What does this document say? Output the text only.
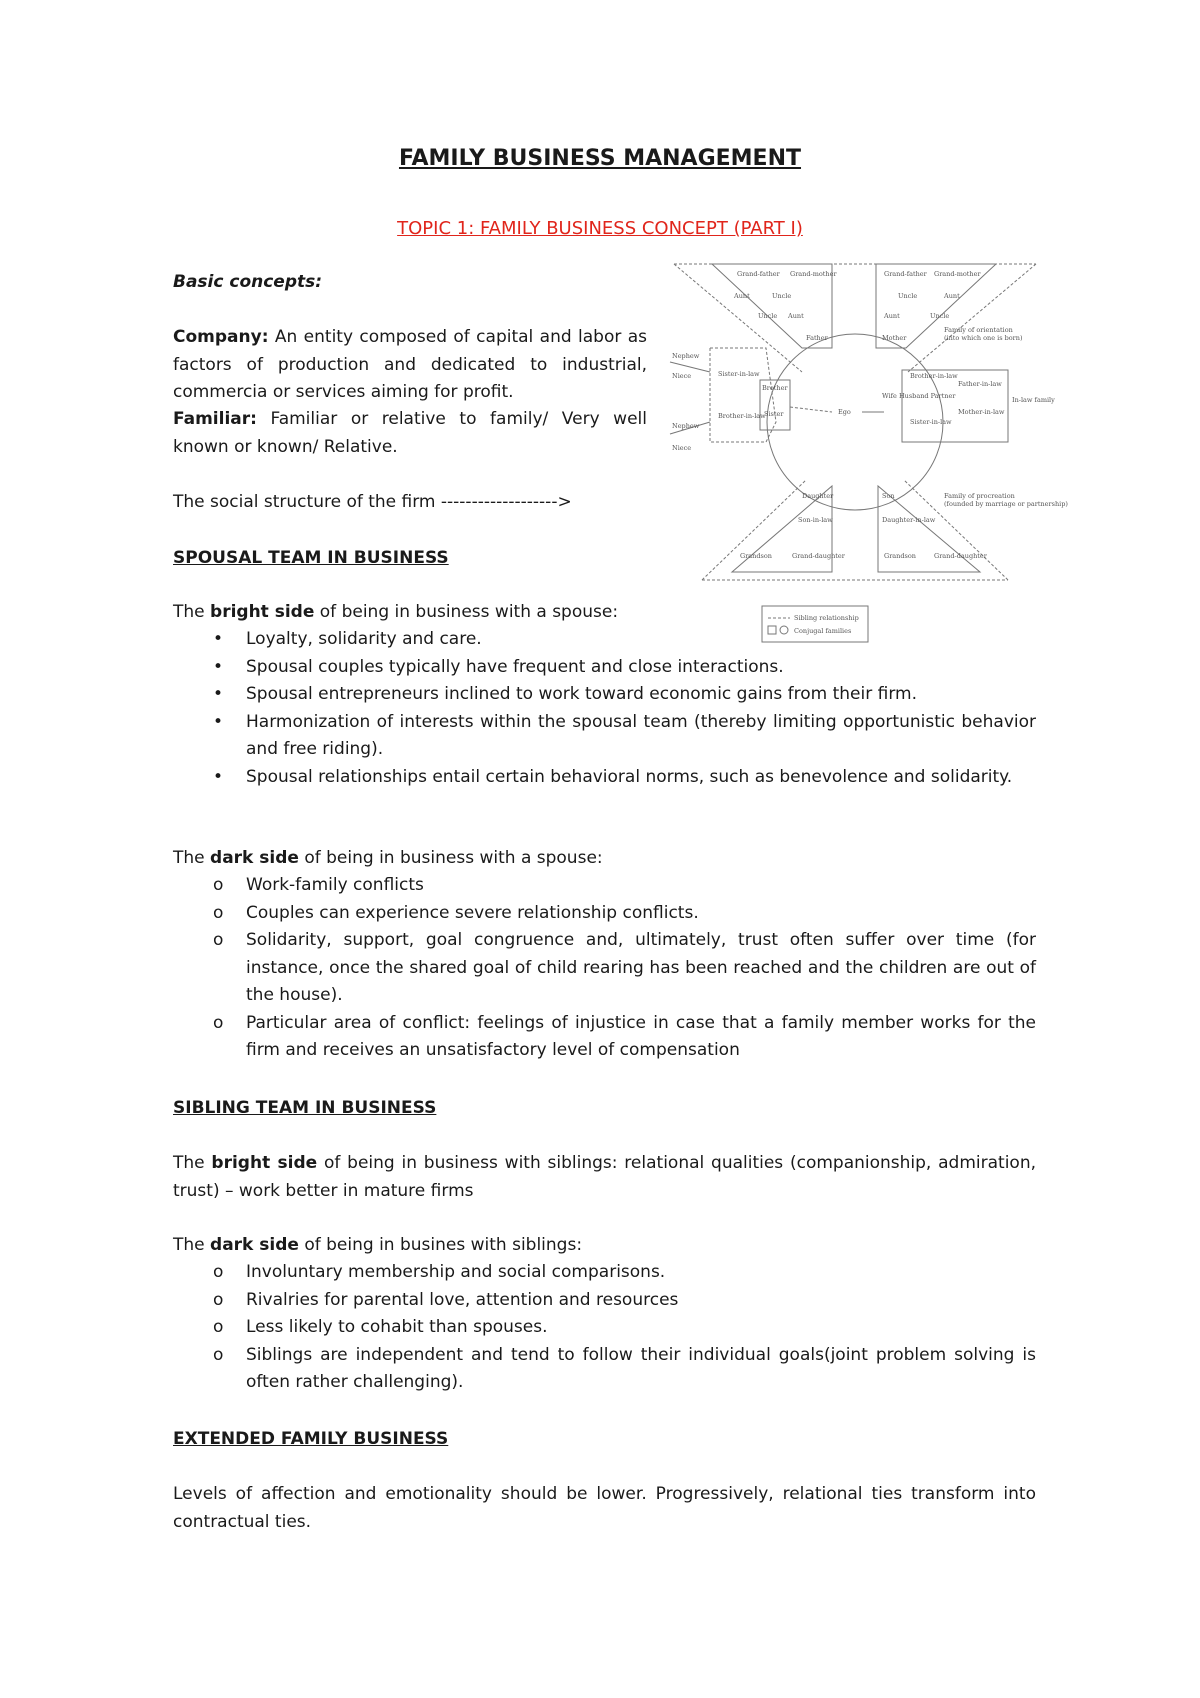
FAMILY BUSINESS MANAGEMENT
TOPIC 1: FAMILY BUSINESS CONCEPT (PART I)
Basic concepts:
Company: An entity composed of capital and labor as factors of production and dedicated to industrial, commercia or services aiming for profit.
Familiar: Familiar or relative to family/ Very well known or known/ Relative.
The social structure of the firm ------------------->
Grand-father Grand-mother	Grand-father Grand-mother
Aunt	Uncle
Uncle Aunt
Father
Uncle	Aunt
Aunt	Uncle
Mother
Family of orientation
(into which one is born)
Nephew
Niece	Sister-in-law
Brother
Sister
Brother-in-law
Nephew
Niece
Ego
Wife Husband Partner
Brother-in-law
Sister-in-law
Father-in-law
Mother-in-law
In-law family
Daughter	Son
Son-in-law	Daughter-in-law
Grandson	Grand-daughter	Grandson	Grand-daughter
Family of procreation
(founded by marriage or partnership)
Sibling relationship
Conjugal families
SPOUSAL TEAM IN BUSINESS
The bright side of being in business with a spouse:
• Loyalty, solidarity and care.
• Spousal couples typically have frequent and close interactions.
• Spousal entrepreneurs inclined to work toward economic gains from their firm.
• Harmonization of interests within the spousal team (thereby limiting opportunistic behavior and free riding).
• Spousal relationships entail certain behavioral norms, such as benevolence and solidarity.
The dark side of being in business with a spouse:
o Work-family conflicts
o Couples can experience severe relationship conflicts.
o Solidarity, support, goal congruence and, ultimately, trust often suffer over time (for instance, once the shared goal of child rearing has been reached and the children are out of the house).
o Particular area of conflict: feelings of injustice in case that a family member works for the firm and receives an unsatisfactory level of compensation
SIBLING TEAM IN BUSINESS
The bright side of being in business with siblings: relational qualities (companionship, admiration, trust) – work better in mature firms
The dark side of being in busines with siblings:
o Involuntary membership and social comparisons.
o Rivalries for parental love, attention and resources
o Less likely to cohabit than spouses.
o Siblings are independent and tend to follow their individual goals(joint problem solving is often rather challenging).
EXTENDED FAMILY BUSINESS
Levels of affection and emotionality should be lower. Progressively, relational ties transform into contractual ties.
